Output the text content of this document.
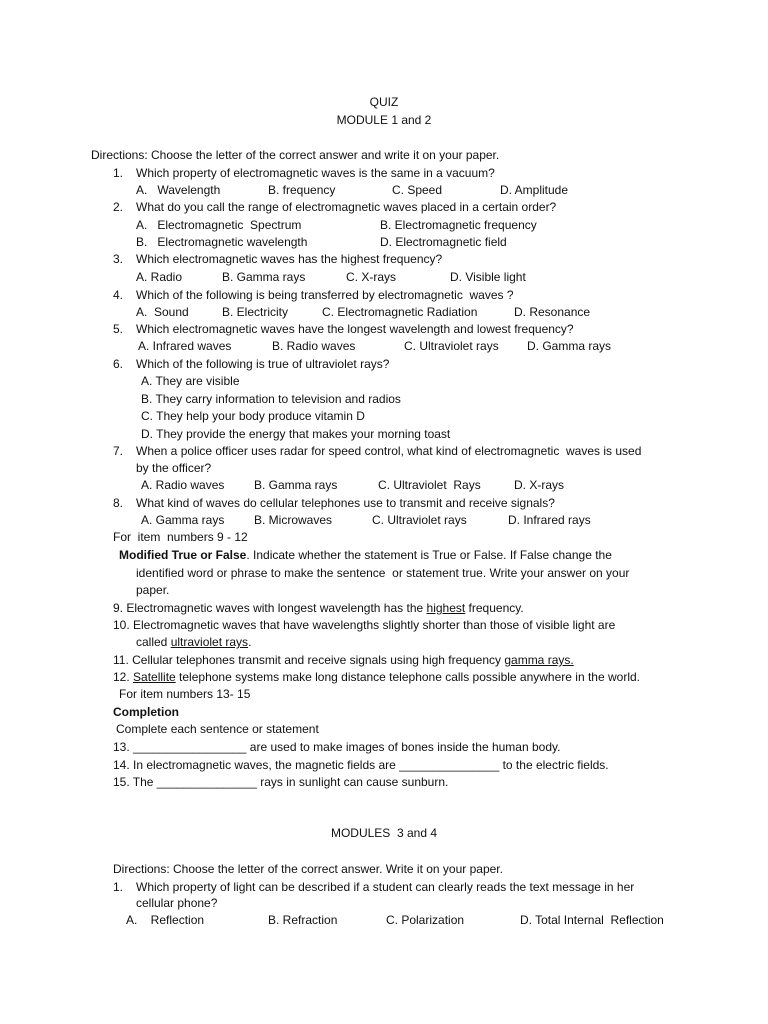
QUIZ
MODULE 1 and 2
Directions: Choose the letter of the correct answer and write it on your paper.
1. Which property of electromagnetic waves is the same in a vacuum?
A.   Wavelength	B. frequency	C. Speed	D. Amplitude
2. What do you call the range of electromagnetic waves placed in a certain order?
A.   Electromagnetic  Spectrum	B. Electromagnetic frequency
B.   Electromagnetic wavelength	D. Electromagnetic field
3. Which electromagnetic waves has the highest frequency?
A. Radio	B. Gamma rays	C. X-rays	D. Visible light
4. Which of the following is being transferred by electromagnetic  waves ?
A.  Sound	B. Electricity	C. Electromagnetic Radiation	D. Resonance
5. Which electromagnetic waves have the longest wavelength and lowest frequency?
A. Infrared waves	B. Radio waves	C. Ultraviolet rays D. Gamma rays
6. Which of the following is true of ultraviolet rays?
A. They are visible
B. They carry information to television and radios
C. They help your body produce vitamin D
D. They provide the energy that makes your morning toast
7. When a police officer uses radar for speed control, what kind of electromagnetic  waves is used
by the officer?
A. Radio waves B. Gamma rays	C. Ultraviolet  Rays	D. X-rays
8. What kind of waves do cellular telephones use to transmit and receive signals?
A. Gamma rays B. Microwaves	C. Ultraviolet rays	D. Infrared rays
For  item  numbers 9 - 12
Modified True or False. Indicate whether the statement is True or False. If False change the
identified word or phrase to make the sentence  or statement true. Write your answer on your
paper.
9. Electromagnetic waves with longest wavelength has the highest frequency.
10. Electromagnetic waves that have wavelengths slightly shorter than those of visible light are
called ultraviolet rays.
11. Cellular telephones transmit and receive signals using high frequency gamma rays.
12. Satellite telephone systems make long distance telephone calls possible anywhere in the world.
For item numbers 13- 15
Completion
Complete each sentence or statement
13. _________________ are used to make images of bones inside the human body.
14. In electromagnetic waves, the magnetic fields are _______________ to the electric fields.
15. The _______________ rays in sunlight can cause sunburn.
MODULES  3 and 4
Directions: Choose the letter of the correct answer. Write it on your paper.
1. Which property of light can be described if a student can clearly reads the text message in her
cellular phone?
A.    Reflection	B. Refraction	C. Polarization	D. Total Internal  Reflection
